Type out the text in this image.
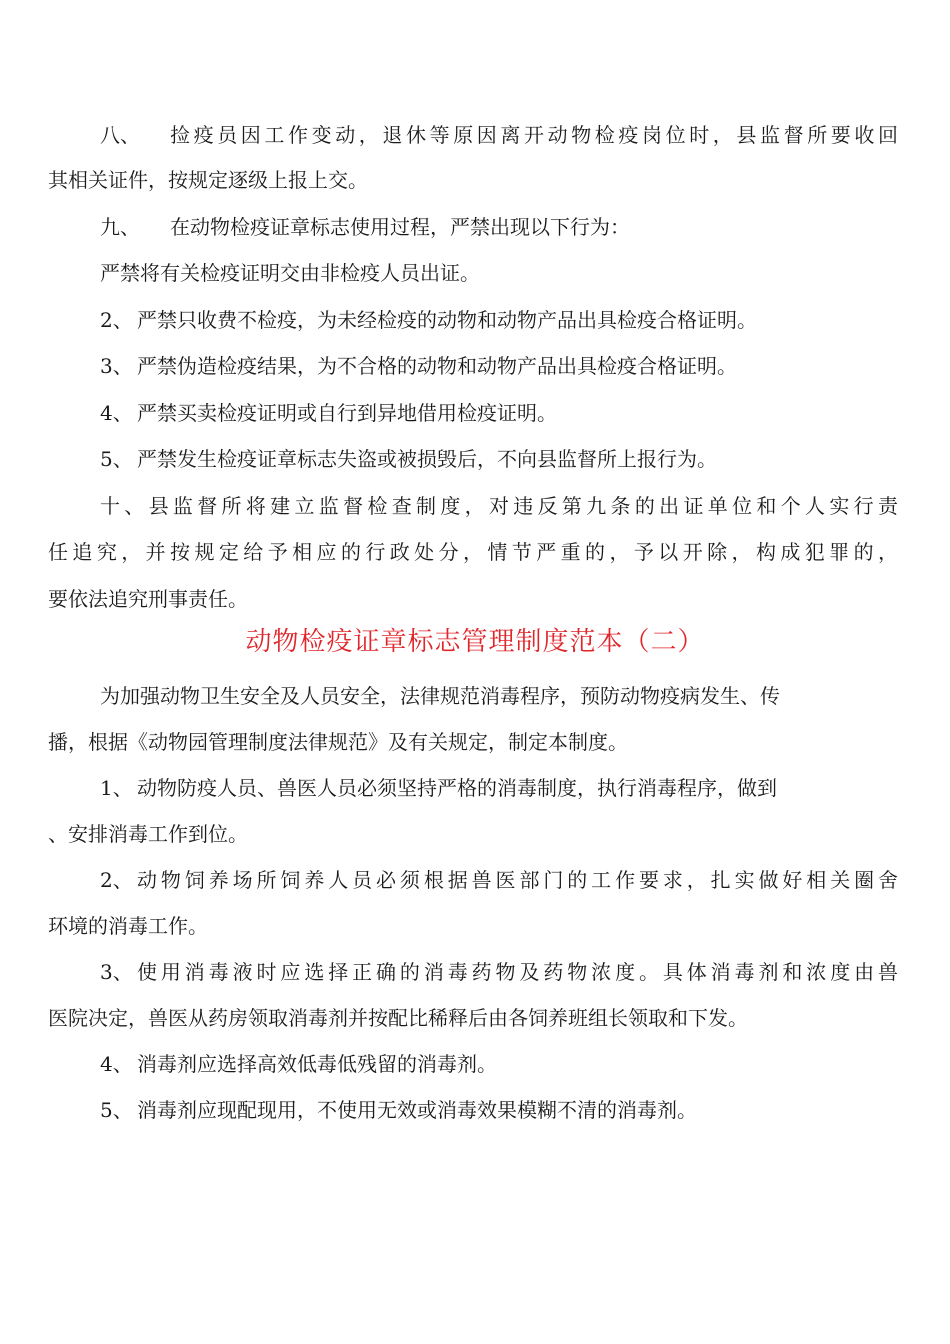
八、 捡疫员因工作变动，退休等原因离开动物检疫岗位时，县监督所要收回
其相关证件，按规定逐级上报上交。
九、 在动物检疫证章标志使用过程，严禁出现以下行为：
严禁将有关检疫证明交由非检疫人员出证。
2、 严禁只收费不检疫，为未经检疫的动物和动物产品出具检疫合格证明。
3、 严禁伪造检疫结果，为不合格的动物和动物产品出具检疫合格证明。
4、 严禁买卖检疫证明或自行到异地借用检疫证明。
5、 严禁发生检疫证章标志失盗或被损毁后，不向县监督所上报行为。
十、县监督所将建立监督检查制度，对违反第九条的出证单位和个人实行责
任追究，并按规定给予相应的行政处分，情节严重的，予以开除，构成犯罪的，
要依法追究刑事责任。
动物检疫证章标志管理制度范本（二）
为加强动物卫生安全及人员安全，法律规范消毒程序，预防动物疫病发生、传
播，根据《动物园管理制度法律规范》及有关规定，制定本制度。
1、 动物防疫人员、兽医人员必须坚持严格的消毒制度，执行消毒程序，做到
、安排消毒工作到位。
2、 动物饲养场所饲养人员必须根据兽医部门的工作要求，扎实做好相关圈舍
环境的消毒工作。
3、 使用消毒液时应选择正确的消毒药物及药物浓度。具体消毒剂和浓度由兽
医院决定，兽医从药房领取消毒剂并按配比稀释后由各饲养班组长领取和下发。
4、 消毒剂应选择高效低毒低残留的消毒剂。
5、 消毒剂应现配现用，不使用无效或消毒效果模糊不清的消毒剂。
